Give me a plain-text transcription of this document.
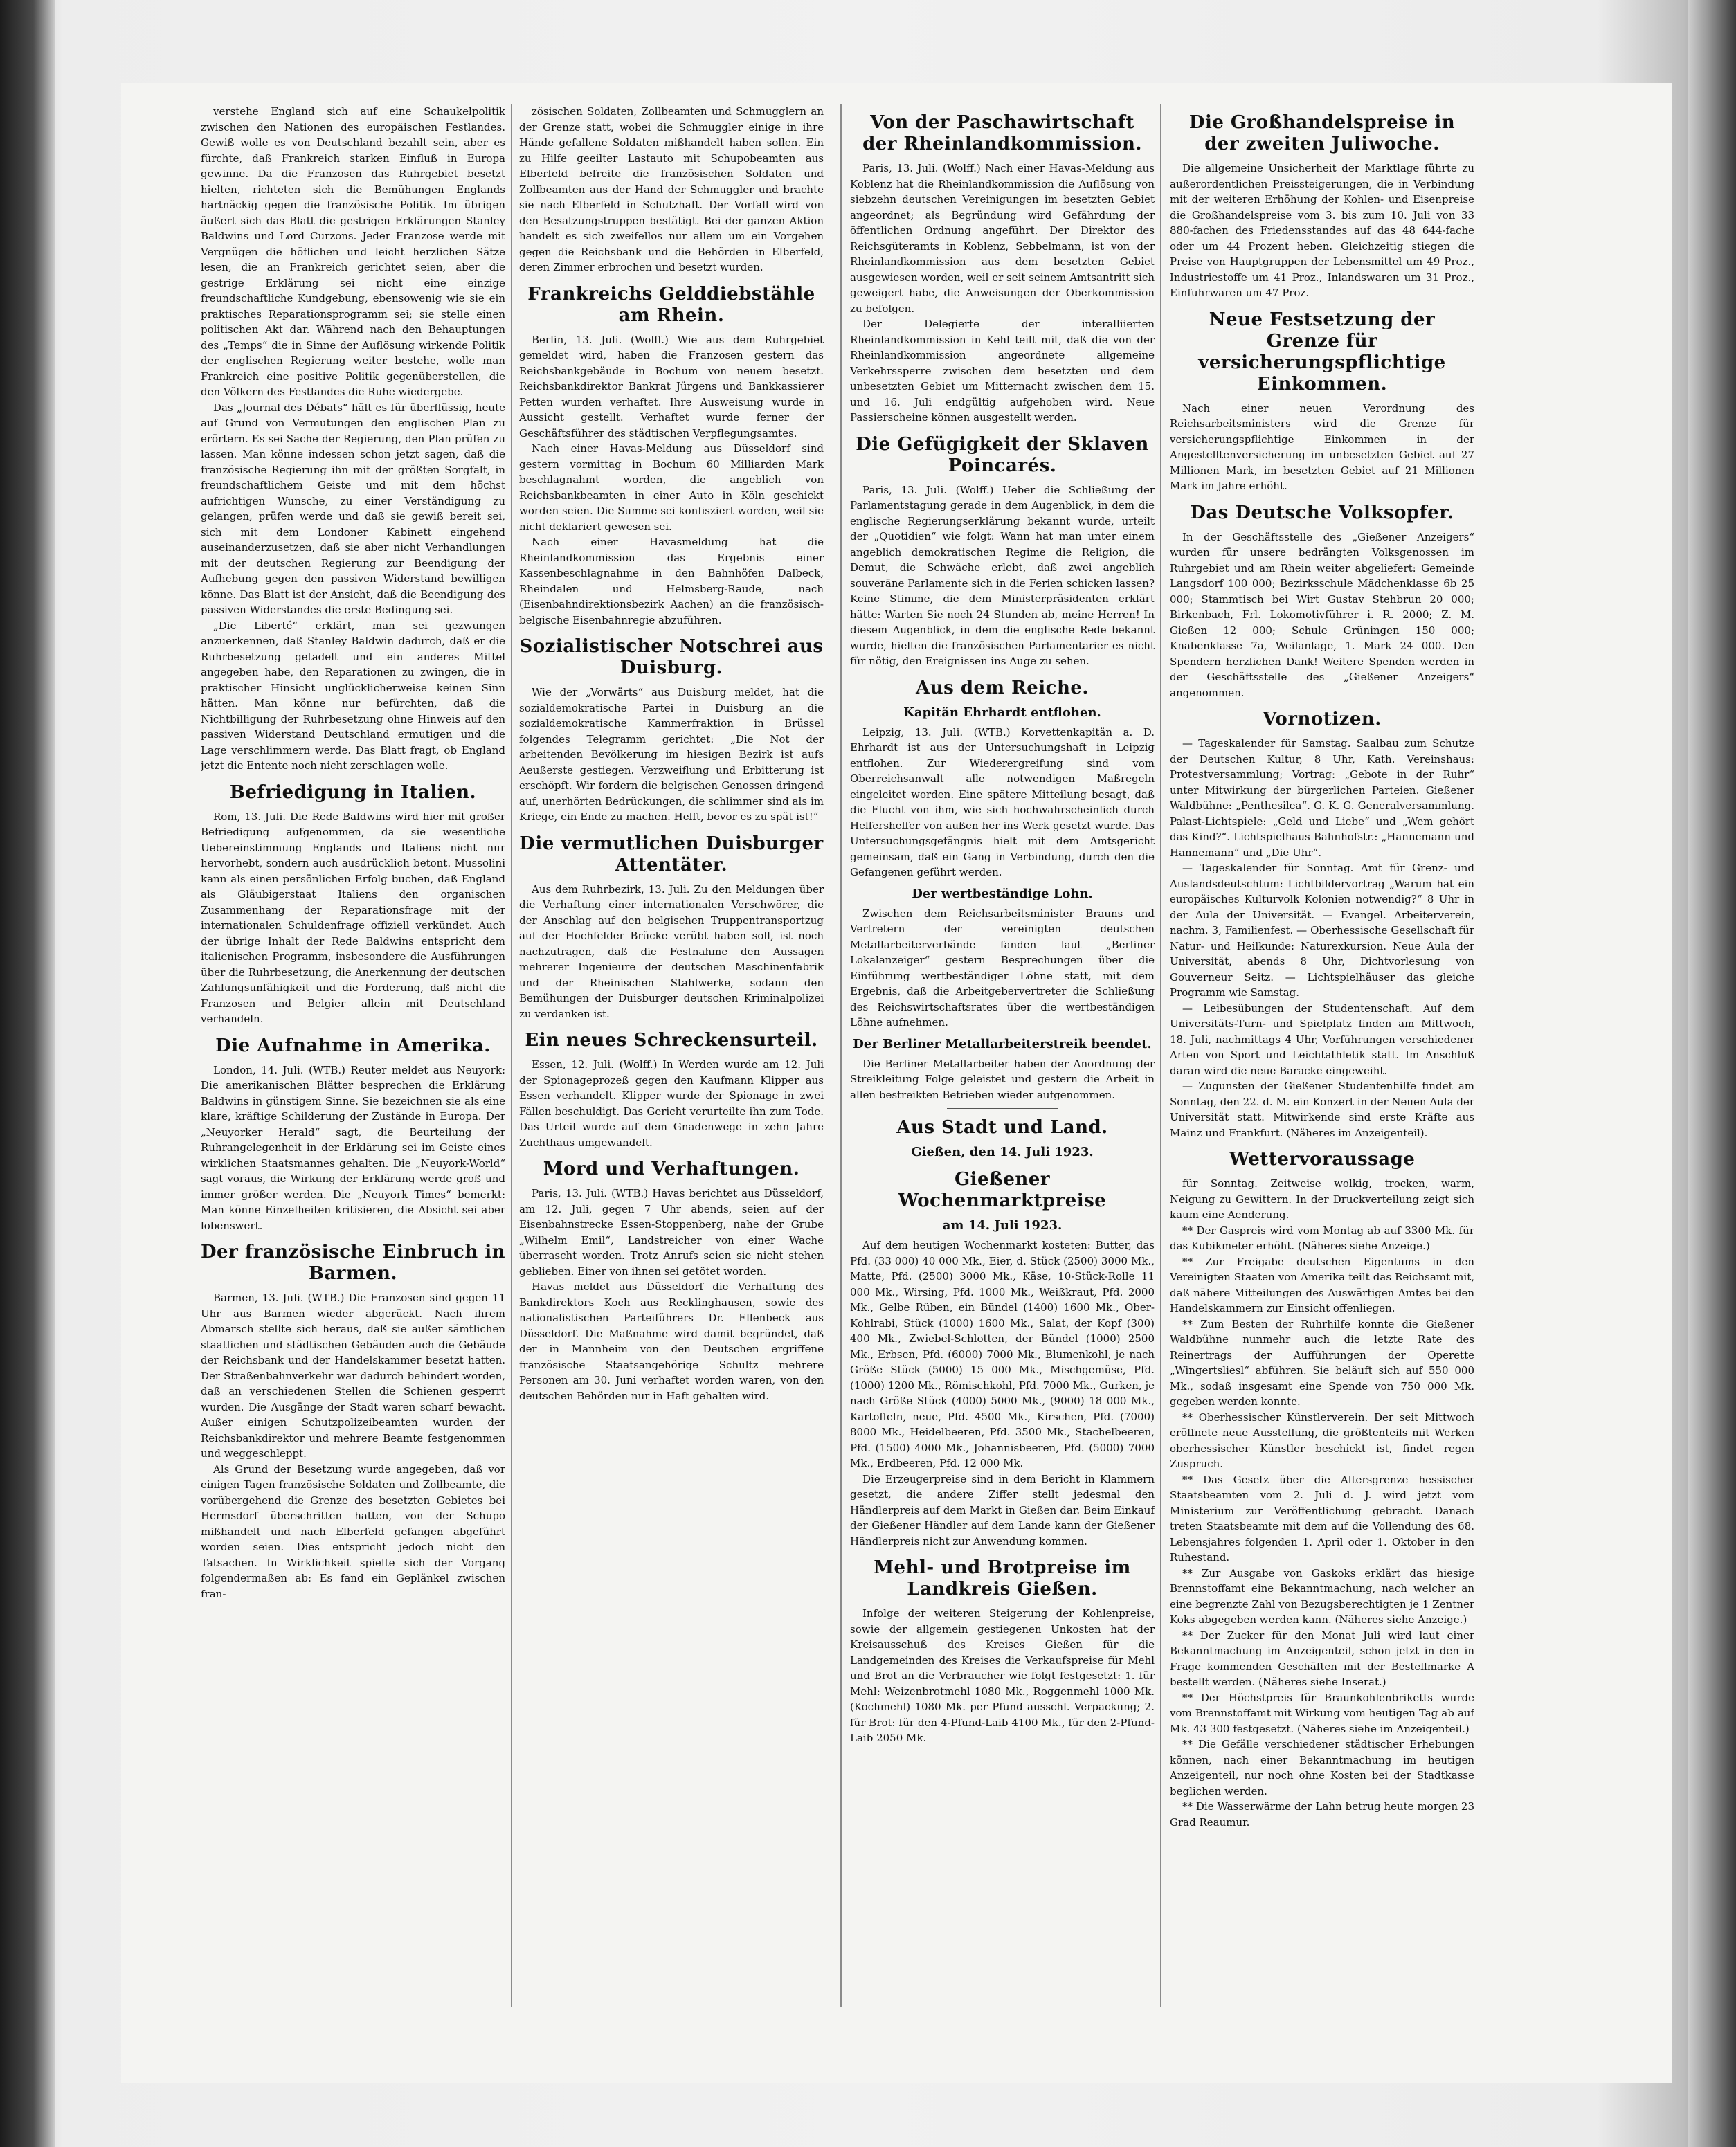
verstehe England sich auf eine Schaukelpolitik zwischen den Nationen des europäischen Festlandes. Gewiß wolle es von Deutschland bezahlt sein, aber es fürchte, daß Frankreich starken Einfluß in Europa gewinne. Da die Franzosen das Ruhrgebiet besetzt hielten, richteten sich die Bemühungen Englands hartnäckig gegen die französische Politik. Im übrigen äußert sich das Blatt die gestrigen Erklärungen Stanley Baldwins und Lord Curzons. Jeder Franzose werde mit Vergnügen die höflichen und leicht herzlichen Sätze lesen, die an Frankreich gerichtet seien, aber die gestrige Erklärung sei nicht eine einzige freundschaftliche Kundgebung, ebensowenig wie sie ein praktisches Reparationsprogramm sei; sie stelle einen politischen Akt dar. Während nach den Behauptungen des „Temps“ die in Sinne der Auflösung wirkende Politik der englischen Regierung weiter bestehe, wolle man Frankreich eine positive Politik gegenüberstellen, die den Völkern des Festlandes die Ruhe wiedergebe.

Das „Journal des Débats“ hält es für überflüssig, heute auf Grund von Vermutungen den englischen Plan zu erörtern. Es sei Sache der Regierung, den Plan prüfen zu lassen. Man könne indessen schon jetzt sagen, daß die französische Regierung ihn mit der größten Sorgfalt, in freundschaftlichem Geiste und mit dem höchst aufrichtigen Wunsche, zu einer Verständigung zu gelangen, prüfen werde und daß sie gewiß bereit sei, sich mit dem Londoner Kabinett eingehend auseinanderzusetzen, daß sie aber nicht Verhandlungen mit der deutschen Regierung zur Beendigung der Aufhebung gegen den passiven Widerstand bewilligen könne. Das Blatt ist der Ansicht, daß die Beendigung des passiven Widerstandes die erste Bedingung sei.

„Die Liberté“ erklärt, man sei gezwungen anzuerkennen, daß Stanley Baldwin dadurch, daß er die Ruhrbesetzung getadelt und ein anderes Mittel angegeben habe, den Reparationen zu zwingen, die in praktischer Hinsicht unglücklicherweise keinen Sinn hätten. Man könne nur befürchten, daß die Nichtbilligung der Ruhrbesetzung ohne Hinweis auf den passiven Widerstand Deutschland ermutigen und die Lage verschlimmern werde. Das Blatt fragt, ob England jetzt die Entente noch nicht zerschlagen wolle.

Befriedigung in Italien.

Rom, 13. Juli. Die Rede Baldwins wird hier mit großer Befriedigung aufgenommen, da sie wesentliche Uebereinstimmung Englands und Italiens nicht nur hervorhebt, sondern auch ausdrücklich betont. Mussolini kann als einen persönlichen Erfolg buchen, daß England als Gläubigerstaat Italiens den organischen Zusammenhang der Reparationsfrage mit der internationalen Schuldenfrage offiziell verkündet. Auch der übrige Inhalt der Rede Baldwins entspricht dem italienischen Programm, insbesondere die Ausführungen über die Ruhrbesetzung, die Anerkennung der deutschen Zahlungsunfähigkeit und die Forderung, daß nicht die Franzosen und Belgier allein mit Deutschland verhandeln.

Die Aufnahme in Amerika.

London, 14. Juli. (WTB.) Reuter meldet aus Neuyork: Die amerikanischen Blätter besprechen die Erklärung Baldwins in günstigem Sinne. Sie bezeichnen sie als eine klare, kräftige Schilderung der Zustände in Europa. Der „Neuyorker Herald“ sagt, die Beurteilung der Ruhrangelegenheit in der Erklärung sei im Geiste eines wirklichen Staatsmannes gehalten. Die „Neuyork-World“ sagt voraus, die Wirkung der Erklärung werde groß und immer größer werden. Die „Neuyork Times“ bemerkt: Man könne Einzelheiten kritisieren, die Absicht sei aber lobenswert.

Der französische Einbruch in Barmen.

Barmen, 13. Juli. (WTB.) Die Franzosen sind gegen 11 Uhr aus Barmen wieder abgerückt. Nach ihrem Abmarsch stellte sich heraus, daß sie außer sämtlichen staatlichen und städtischen Gebäuden auch die Gebäude der Reichsbank und der Handelskammer besetzt hatten. Der Straßenbahnverkehr war dadurch behindert worden, daß an verschiedenen Stellen die Schienen gesperrt wurden. Die Ausgänge der Stadt waren scharf bewacht. Außer einigen Schutzpolizeibeamten wurden der Reichsbankdirektor und mehrere Beamte festgenommen und weggeschleppt.

Als Grund der Besetzung wurde angegeben, daß vor einigen Tagen französische Soldaten und Zollbeamte, die vorübergehend die Grenze des besetzten Gebietes bei Hermsdorf überschritten hatten, von der Schupo mißhandelt und nach Elberfeld gefangen abgeführt worden seien. Dies entspricht jedoch nicht den Tatsachen. In Wirklichkeit spielte sich der Vorgang folgendermaßen ab: Es fand ein Geplänkel zwischen fran-

zösischen Soldaten, Zollbeamten und Schmugglern an der Grenze statt, wobei die Schmuggler einige in ihre Hände gefallene Soldaten mißhandelt haben sollen. Ein zu Hilfe geeilter Lastauto mit Schupobeamten aus Elberfeld befreite die französischen Soldaten und Zollbeamten aus der Hand der Schmuggler und brachte sie nach Elberfeld in Schutzhaft. Der Vorfall wird von den Besatzungstruppen bestätigt. Bei der ganzen Aktion handelt es sich zweifellos nur allem um ein Vorgehen gegen die Reichsbank und die Behörden in Elberfeld, deren Zimmer erbrochen und besetzt wurden.

Frankreichs Gelddiebstähle am Rhein.

Berlin, 13. Juli. (Wolff.) Wie aus dem Ruhrgebiet gemeldet wird, haben die Franzosen gestern das Reichsbankgebäude in Bochum von neuem besetzt. Reichsbankdirektor Bankrat Jürgens und Bankkassierer Petten wurden verhaftet. Ihre Ausweisung wurde in Aussicht gestellt. Verhaftet wurde ferner der Geschäftsführer des städtischen Verpflegungsamtes.

Nach einer Havas-Meldung aus Düsseldorf sind gestern vormittag in Bochum 60 Milliarden Mark beschlagnahmt worden, die angeblich von Reichsbankbeamten in einer Auto in Köln geschickt worden seien. Die Summe sei konfisziert worden, weil sie nicht deklariert gewesen sei.

Nach einer Havasmeldung hat die Rheinlandkommission das Ergebnis einer Kassenbeschlagnahme in den Bahnhöfen Dalbeck, Rheindalen und Helmsberg-Raude, nach (Eisenbahndirektionsbezirk Aachen) an die französisch-belgische Eisenbahnregie abzuführen.

Sozialistischer Notschrei aus Duisburg.

Wie der „Vorwärts“ aus Duisburg meldet, hat die sozialdemokratische Partei in Duisburg an die sozialdemokratische Kammerfraktion in Brüssel folgendes Telegramm gerichtet: „Die Not der arbeitenden Bevölkerung im hiesigen Bezirk ist aufs Aeußerste gestiegen. Verzweiflung und Erbitterung ist erschöpft. Wir fordern die belgischen Genossen dringend auf, unerhörten Bedrückungen, die schlimmer sind als im Kriege, ein Ende zu machen. Helft, bevor es zu spät ist!“

Die vermutlichen Duisburger Attentäter.

Aus dem Ruhrbezirk, 13. Juli. Zu den Meldungen über die Verhaftung einer internationalen Verschwörer, die der Anschlag auf den belgischen Truppentransportzug auf der Hochfelder Brücke verübt haben soll, ist noch nachzutragen, daß die Festnahme den Aussagen mehrerer Ingenieure der deutschen Maschinenfabrik und der Rheinischen Stahlwerke, sodann den Bemühungen der Duisburger deutschen Kriminalpolizei zu verdanken ist.

Ein neues Schreckensurteil.

Essen, 12. Juli. (Wolff.) In Werden wurde am 12. Juli der Spionageprozeß gegen den Kaufmann Klipper aus Essen verhandelt. Klipper wurde der Spionage in zwei Fällen beschuldigt. Das Gericht verurteilte ihn zum Tode. Das Urteil wurde auf dem Gnadenwege in zehn Jahre Zuchthaus umgewandelt.

Mord und Verhaftungen.

Paris, 13. Juli. (WTB.) Havas berichtet aus Düsseldorf, am 12. Juli, gegen 7 Uhr abends, seien auf der Eisenbahnstrecke Essen-Stoppenberg, nahe der Grube „Wilhelm Emil“, Landstreicher von einer Wache überrascht worden. Trotz Anrufs seien sie nicht stehen geblieben. Einer von ihnen sei getötet worden.

Havas meldet aus Düsseldorf die Verhaftung des Bankdirektors Koch aus Recklinghausen, sowie des nationalistischen Parteiführers Dr. Ellenbeck aus Düsseldorf. Die Maßnahme wird damit begründet, daß der in Mannheim von den Deutschen ergriffene französische Staatsangehörige Schultz mehrere Personen am 30. Juni verhaftet worden waren, von den deutschen Behörden nur in Haft gehalten wird.

Von der Paschawirtschaft der Rheinlandkommission.

Paris, 13. Juli. (Wolff.) Nach einer Havas-Meldung aus Koblenz hat die Rheinlandkommission die Auflösung von siebzehn deutschen Vereinigungen im besetzten Gebiet angeordnet; als Begründung wird Gefährdung der öffentlichen Ordnung angeführt. Der Direktor des Reichsgüteramts in Koblenz, Sebbelmann, ist von der Rheinlandkommission aus dem besetzten Gebiet ausgewiesen worden, weil er seit seinem Amtsantritt sich geweigert habe, die Anweisungen der Oberkommission zu befolgen.

Der Delegierte der interalliierten Rheinlandkommission in Kehl teilt mit, daß die von der Rheinlandkommission angeordnete allgemeine Verkehrssperre zwischen dem besetzten und dem unbesetzten Gebiet um Mitternacht zwischen dem 15. und 16. Juli endgültig aufgehoben wird. Neue Passierscheine können ausgestellt werden.

Die Gefügigkeit der Sklaven Poincarés.

Paris, 13. Juli. (Wolff.) Ueber die Schließung der Parlamentstagung gerade in dem Augenblick, in dem die englische Regierungserklärung bekannt wurde, urteilt der „Quotidien“ wie folgt: Wann hat man unter einem angeblich demokratischen Regime die Religion, die Demut, die Schwäche erlebt, daß zwei angeblich souveräne Parlamente sich in die Ferien schicken lassen? Keine Stimme, die dem Ministerpräsidenten erklärt hätte: Warten Sie noch 24 Stunden ab, meine Herren! In diesem Augenblick, in dem die englische Rede bekannt wurde, hielten die französischen Parlamentarier es nicht für nötig, den Ereignissen ins Auge zu sehen.

Aus dem Reiche.
Kapitän Ehrhardt entflohen.

Leipzig, 13. Juli. (WTB.) Korvettenkapitän a. D. Ehrhardt ist aus der Untersuchungshaft in Leipzig entflohen. Zur Wiederergreifung sind vom Oberreichsanwalt alle notwendigen Maßregeln eingeleitet worden. Eine spätere Mitteilung besagt, daß die Flucht von ihm, wie sich hochwahrscheinlich durch Helfershelfer von außen her ins Werk gesetzt wurde. Das Untersuchungsgefängnis hielt mit dem Amtsgericht gemeinsam, daß ein Gang in Verbindung, durch den die Gefangenen geführt werden.

Der wertbeständige Lohn.

Zwischen dem Reichsarbeitsminister Brauns und Vertretern der vereinigten deutschen Metallarbeiterverbände fanden laut „Berliner Lokalanzeiger“ gestern Besprechungen über die Einführung wertbeständiger Löhne statt, mit dem Ergebnis, daß die Arbeitgebervertreter die Schließung des Reichswirtschaftsrates über die wertbeständigen Löhne aufnehmen.

Der Berliner Metallarbeiterstreik beendet.

Die Berliner Metallarbeiter haben der Anordnung der Streikleitung Folge geleistet und gestern die Arbeit in allen bestreikten Betrieben wieder aufgenommen.

Aus Stadt und Land.
Gießen, den 14. Juli 1923.
Gießener Wochenmarktpreise
am 14. Juli 1923.

Auf dem heutigen Wochenmarkt kosteten: Butter, das Pfd. (33 000) 40 000 Mk., Eier, d. Stück (2500) 3000 Mk., Matte, Pfd. (2500) 3000 Mk., Käse, 10-Stück-Rolle 11 000 Mk., Wirsing, Pfd. 1000 Mk., Weißkraut, Pfd. 2000 Mk., Gelbe Rüben, ein Bündel (1400) 1600 Mk., Ober-Kohlrabi, Stück (1000) 1600 Mk., Salat, der Kopf (300) 400 Mk., Zwiebel-Schlotten, der Bündel (1000) 2500 Mk., Erbsen, Pfd. (6000) 7000 Mk., Blumenkohl, je nach Größe Stück (5000) 15 000 Mk., Mischgemüse, Pfd. (1000) 1200 Mk., Römischkohl, Pfd. 7000 Mk., Gurken, je nach Größe Stück (4000) 5000 Mk., (9000) 18 000 Mk., Kartoffeln, neue, Pfd. 4500 Mk., Kirschen, Pfd. (7000) 8000 Mk., Heidelbeeren, Pfd. 3500 Mk., Stachelbeeren, Pfd. (1500) 4000 Mk., Johannisbeeren, Pfd. (5000) 7000 Mk., Erdbeeren, Pfd. 12 000 Mk.

Die Erzeugerpreise sind in dem Bericht in Klammern gesetzt, die andere Ziffer stellt jedesmal den Händlerpreis auf dem Markt in Gießen dar. Beim Einkauf der Gießener Händler auf dem Lande kann der Gießener Händlerpreis nicht zur Anwendung kommen.

Mehl- und Brotpreise im Landkreis Gießen.

Infolge der weiteren Steigerung der Kohlenpreise, sowie der allgemein gestiegenen Unkosten hat der Kreisausschuß des Kreises Gießen für die Landgemeinden des Kreises die Verkaufspreise für Mehl und Brot an die Verbraucher wie folgt festgesetzt: 1. für Mehl: Weizenbrotmehl 1080 Mk., Roggenmehl 1000 Mk. (Kochmehl) 1080 Mk. per Pfund ausschl. Verpackung; 2. für Brot: für den 4-Pfund-Laib 4100 Mk., für den 2-Pfund-Laib 2050 Mk.

Die Großhandelspreise in der zweiten Juliwoche.

Die allgemeine Unsicherheit der Marktlage führte zu außerordentlichen Preissteigerungen, die in Verbindung mit der weiteren Erhöhung der Kohlen- und Eisenpreise die Großhandelspreise vom 3. bis zum 10. Juli von 33 880-fachen des Friedensstandes auf das 48 644-fache oder um 44 Prozent heben. Gleichzeitig stiegen die Preise von Hauptgruppen der Lebensmittel um 49 Proz., Industriestoffe um 41 Proz., Inlandswaren um 31 Proz., Einfuhrwaren um 47 Proz.

Neue Festsetzung der Grenze für versicherungspflichtige Einkommen.

Nach einer neuen Verordnung des Reichsarbeitsministers wird die Grenze für versicherungspflichtige Einkommen in der Angestelltenversicherung im unbesetzten Gebiet auf 27 Millionen Mark, im besetzten Gebiet auf 21 Millionen Mark im Jahre erhöht.

Das Deutsche Volksopfer.

In der Geschäftsstelle des „Gießener Anzeigers“ wurden für unsere bedrängten Volksgenossen im Ruhrgebiet und am Rhein weiter abgeliefert: Gemeinde Langsdorf 100 000; Bezirksschule Mädchenklasse 6b 25 000; Stammtisch bei Wirt Gustav Stehbrun 20 000; Birkenbach, Frl. Lokomotivführer i. R. 2000; Z. M. Gießen 12 000; Schule Grüningen 150 000; Knabenklasse 7a, Weilanlage, 1. Mark 24 000. Den Spendern herzlichen Dank! Weitere Spenden werden in der Geschäftsstelle des „Gießener Anzeigers“ angenommen.

Vornotizen.

— Tageskalender für Samstag. Saalbau zum Schutze der Deutschen Kultur, 8 Uhr, Kath. Vereinshaus: Protestversammlung; Vortrag: „Gebote in der Ruhr“ unter Mitwirkung der bürgerlichen Parteien. Gießener Waldbühne: „Penthesilea“. G. K. G. Generalversammlung. Palast-Lichtspiele: „Geld und Liebe“ und „Wem gehört das Kind?“. Lichtspielhaus Bahnhofstr.: „Hannemann und Hannemann“ und „Die Uhr“.

— Tageskalender für Sonntag. Amt für Grenz- und Auslandsdeutschtum: Lichtbildervortrag „Warum hat ein europäisches Kulturvolk Kolonien notwendig?“ 8 Uhr in der Aula der Universität. — Evangel. Arbeiterverein, nachm. 3, Familienfest. — Oberhessische Gesellschaft für Natur- und Heilkunde: Naturexkursion. Neue Aula der Universität, abends 8 Uhr, Dichtvorlesung von Gouverneur Seitz. — Lichtspielhäuser das gleiche Programm wie Samstag.

— Leibesübungen der Studentenschaft. Auf dem Universitäts-Turn- und Spielplatz finden am Mittwoch, 18. Juli, nachmittags 4 Uhr, Vorführungen verschiedener Arten von Sport und Leichtathletik statt. Im Anschluß daran wird die neue Baracke eingeweiht.

— Zugunsten der Gießener Studentenhilfe findet am Sonntag, den 22. d. M. ein Konzert in der Neuen Aula der Universität statt. Mitwirkende sind erste Kräfte aus Mainz und Frankfurt. (Näheres im Anzeigenteil).

Wettervoraussage

für Sonntag. Zeitweise wolkig, trocken, warm, Neigung zu Gewittern. In der Druckverteilung zeigt sich kaum eine Aenderung.

** Der Gaspreis wird vom Montag ab auf 3300 Mk. für das Kubikmeter erhöht. (Näheres siehe Anzeige.)

** Zur Freigabe deutschen Eigentums in den Vereinigten Staaten von Amerika teilt das Reichsamt mit, daß nähere Mitteilungen des Auswärtigen Amtes bei den Handelskammern zur Einsicht offenliegen.

** Zum Besten der Ruhrhilfe konnte die Gießener Waldbühne nunmehr auch die letzte Rate des Reinertrags der Aufführungen der Operette „Wingertsliesl“ abführen. Sie beläuft sich auf 550 000 Mk., sodaß insgesamt eine Spende von 750 000 Mk. gegeben werden konnte.

** Oberhessischer Künstlerverein. Der seit Mittwoch eröffnete neue Ausstellung, die größtenteils mit Werken oberhessischer Künstler beschickt ist, findet regen Zuspruch.

** Das Gesetz über die Altersgrenze hessischer Staatsbeamten vom 2. Juli d. J. wird jetzt vom Ministerium zur Veröffentlichung gebracht. Danach treten Staatsbeamte mit dem auf die Vollendung des 68. Lebensjahres folgenden 1. April oder 1. Oktober in den Ruhestand.

** Zur Ausgabe von Gaskoks erklärt das hiesige Brennstoffamt eine Bekanntmachung, nach welcher an eine begrenzte Zahl von Bezugsberechtigten je 1 Zentner Koks abgegeben werden kann. (Näheres siehe Anzeige.)

** Der Zucker für den Monat Juli wird laut einer Bekanntmachung im Anzeigenteil, schon jetzt in den in Frage kommenden Geschäften mit der Bestellmarke A bestellt werden. (Näheres siehe Inserat.)

** Der Höchstpreis für Braunkohlenbriketts wurde vom Brennstoffamt mit Wirkung vom heutigen Tag ab auf Mk. 43 300 festgesetzt. (Näheres siehe im Anzeigenteil.)

** Die Gefälle verschiedener städtischer Erhebungen können, nach einer Bekanntmachung im heutigen Anzeigenteil, nur noch ohne Kosten bei der Stadtkasse beglichen werden.

** Die Wasserwärme der Lahn betrug heute morgen 23 Grad Reaumur.
